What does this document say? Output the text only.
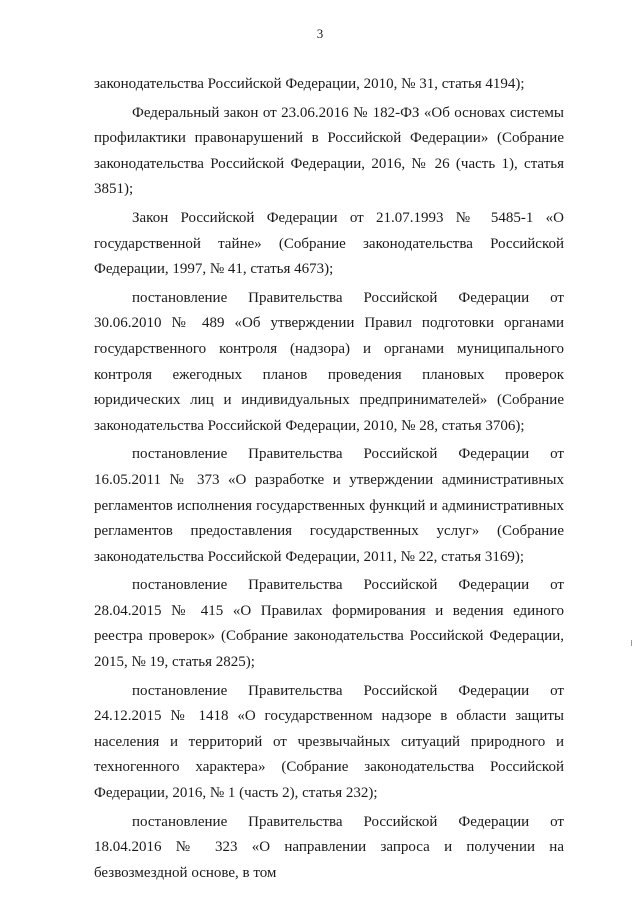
3

законодательства Российской Федерации, 2010, № 31, статья 4194);

Федеральный закон от 23.06.2016 № 182-ФЗ «Об основах системы профилактики правонарушений в Российской Федерации» (Собрание законодательства Российской Федерации, 2016, № 26 (часть 1), статья 3851);

Закон Российской Федерации от 21.07.1993 № 5485-1 «О государственной тайне» (Собрание законодательства Российской Федерации, 1997, № 41, статья 4673);

постановление Правительства Российской Федерации от 30.06.2010 № 489 «Об утверждении Правил подготовки органами государственного контроля (надзора) и органами муниципального контроля ежегодных планов проведения плановых проверок юридических лиц и индивидуальных предпринимателей» (Собрание законодательства Российской Федерации, 2010, № 28, статья 3706);

постановление Правительства Российской Федерации от 16.05.2011 № 373 «О разработке и утверждении административных регламентов исполнения государственных функций и административных регламентов предоставления государственных услуг» (Собрание законодательства Российской Федерации, 2011, № 22, статья 3169);

постановление Правительства Российской Федерации от 28.04.2015 № 415 «О Правилах формирования и ведения единого реестра проверок» (Собрание законодательства Российской Федерации, 2015, № 19, статья 2825);

постановление Правительства Российской Федерации от 24.12.2015 № 1418 «О государственном надзоре в области защиты населения и территорий от чрезвычайных ситуаций природного и техногенного характера» (Собрание законодательства Российской Федерации, 2016, № 1 (часть 2), статья 232);

постановление Правительства Российской Федерации от 18.04.2016 № 323 «О направлении запроса и получении на безвозмездной основе, в том
